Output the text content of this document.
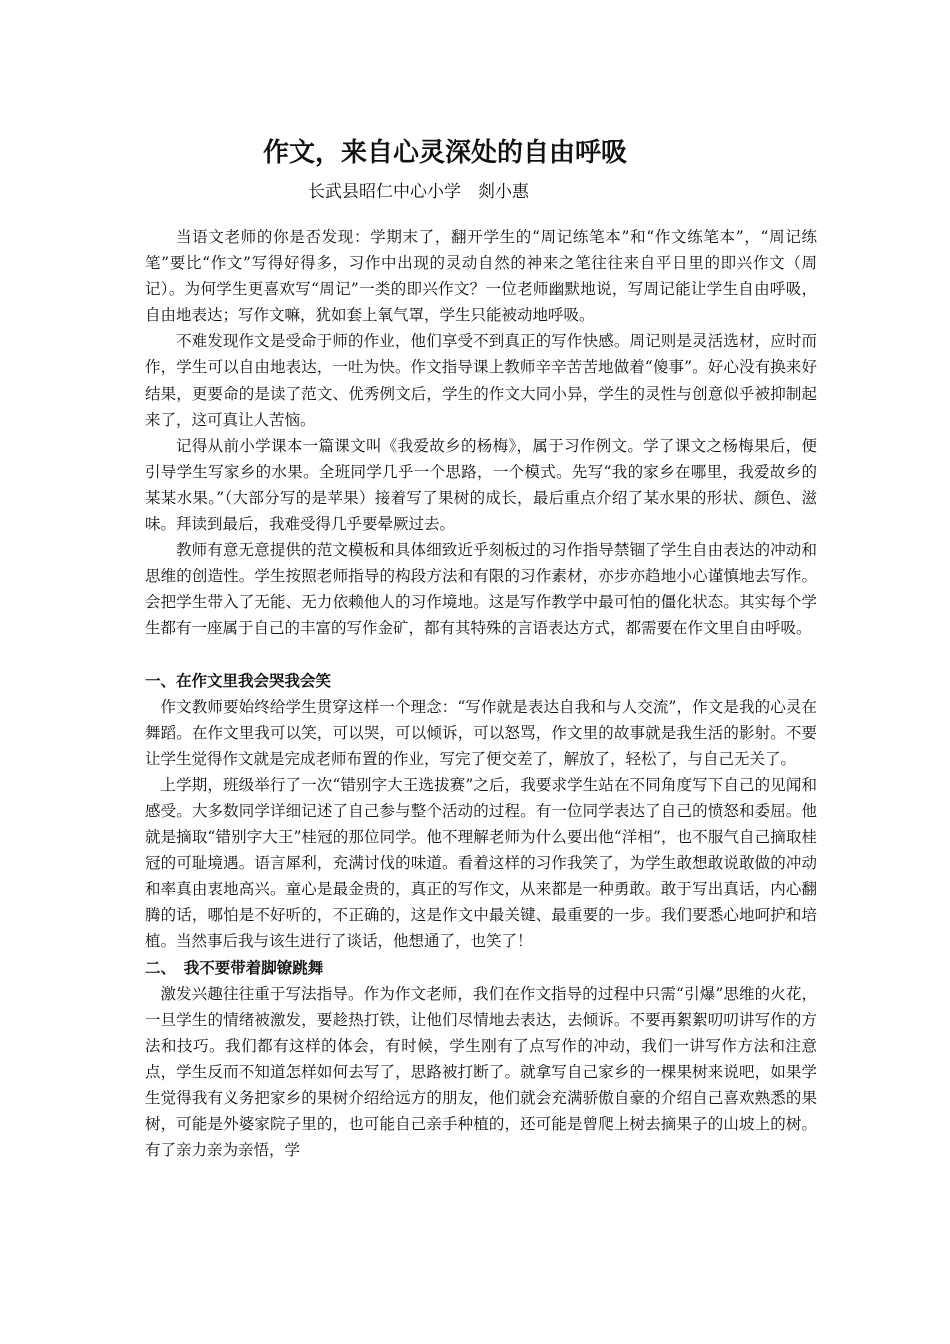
作文，来自心灵深处的自由呼吸

长武县昭仁中心小学　剡小惠

当语文老师的你是否发现：学期末了，翻开学生的“周记练笔本”和“作文练笔本”，“周记练笔”要比“作文”写得好得多，习作中出现的灵动自然的神来之笔往往来自平日里的即兴作文（周记）。为何学生更喜欢写“周记”一类的即兴作文？一位老师幽默地说，写周记能让学生自由呼吸，自由地表达；写作文嘛，犹如套上氧气罩，学生只能被动地呼吸。

不难发现作文是受命于师的作业，他们享受不到真正的写作快感。周记则是灵活选材，应时而作，学生可以自由地表达，一吐为快。作文指导课上教师辛辛苦苦地做着“傻事”。好心没有换来好结果，更要命的是读了范文、优秀例文后，学生的作文大同小异，学生的灵性与创意似乎被抑制起来了，这可真让人苦恼。

记得从前小学课本一篇课文叫《我爱故乡的杨梅》，属于习作例文。学了课文之杨梅果后，便引导学生写家乡的水果。全班同学几乎一个思路，一个模式。先写“我的家乡在哪里，我爱故乡的某某水果。”（大部分写的是苹果）接着写了果树的成长，最后重点介绍了某水果的形状、颜色、滋味。拜读到最后，我难受得几乎要晕厥过去。

教师有意无意提供的范文模板和具体细致近乎刻板过的习作指导禁锢了学生自由表达的冲动和思维的创造性。学生按照老师指导的构段方法和有限的习作素材，亦步亦趋地小心谨慎地去写作。会把学生带入了无能、无力依赖他人的习作境地。这是写作教学中最可怕的僵化状态。其实每个学生都有一座属于自己的丰富的写作金矿，都有其特殊的言语表达方式，都需要在作文里自由呼吸。

一、在作文里我会哭我会笑

作文教师要始终给学生贯穿这样一个理念：“写作就是表达自我和与人交流”，作文是我的心灵在舞蹈。在作文里我可以笑，可以哭，可以倾诉，可以怒骂，作文里的故事就是我生活的影射。不要让学生觉得作文就是完成老师布置的作业，写完了便交差了，解放了，轻松了，与自己无关了。

上学期，班级举行了一次“错别字大王选拔赛”之后，我要求学生站在不同角度写下自己的见闻和感受。大多数同学详细记述了自己参与整个活动的过程。有一位同学表达了自己的愤怒和委屈。他就是摘取“错别字大王”桂冠的那位同学。他不理解老师为什么要出他“洋相”，也不服气自己摘取桂冠的可耻境遇。语言犀利，充满讨伐的味道。看着这样的习作我笑了，为学生敢想敢说敢做的冲动和率真由衷地高兴。童心是最金贵的，真正的写作文，从来都是一种勇敢。敢于写出真话，内心翻腾的话，哪怕是不好听的，不正确的，这是作文中最关键、最重要的一步。我们要悉心地呵护和培植。当然事后我与该生进行了谈话，他想通了，也笑了！

二、　我不要带着脚镣跳舞

激发兴趣往往重于写法指导。作为作文老师，我们在作文指导的过程中只需“引爆”思维的火花，一旦学生的情绪被激发，要趁热打铁，让他们尽情地去表达，去倾诉。不要再絮絮叨叨讲写作的方法和技巧。我们都有这样的体会，有时候，学生刚有了点写作的冲动，我们一讲写作方法和注意点，学生反而不知道怎样如何去写了，思路被打断了。就拿写自己家乡的一棵果树来说吧，如果学生觉得我有义务把家乡的果树介绍给远方的朋友，他们就会充满骄傲自豪的介绍自己喜欢熟悉的果树，可能是外婆家院子里的，也可能自己亲手种植的，还可能是曾爬上树去摘果子的山坡上的树。有了亲力亲为亲悟，学
